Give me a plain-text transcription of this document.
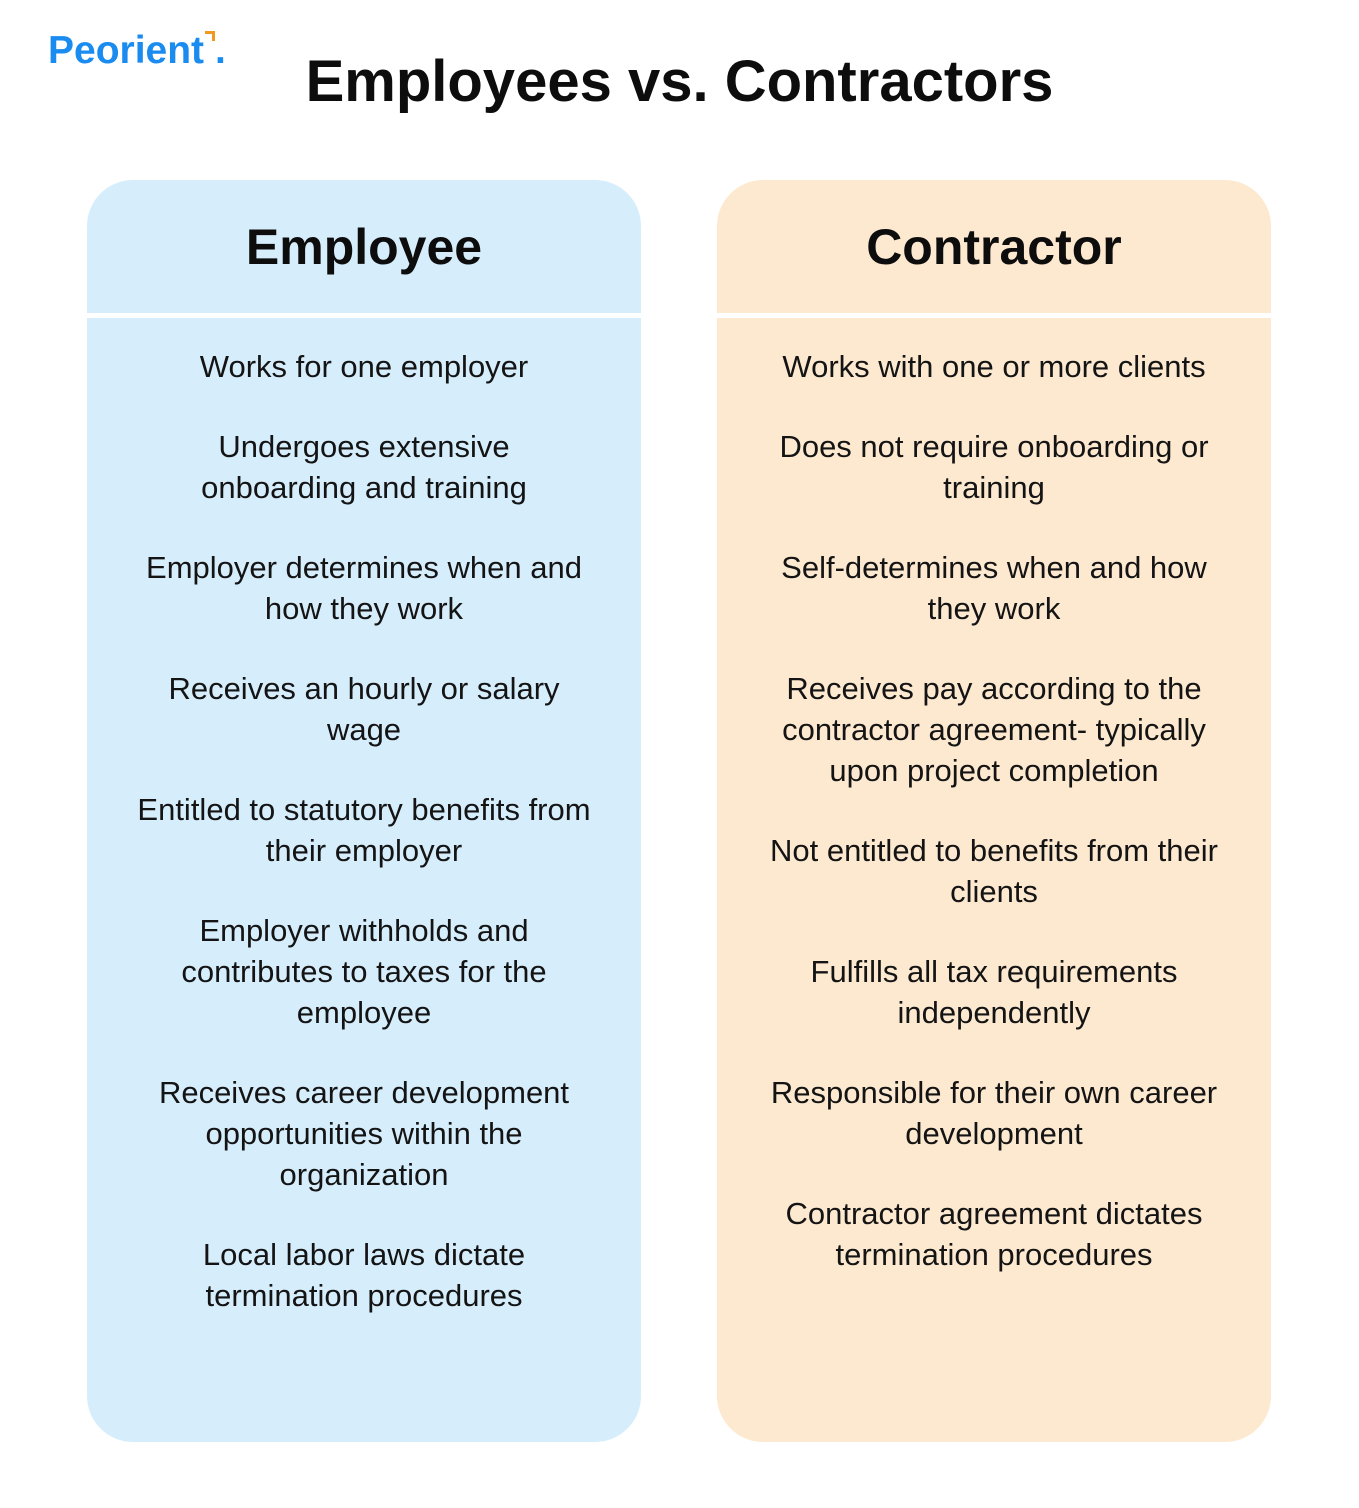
Peorient .	Employees vs. Contractors
Employee
Works for one employer
Undergoes extensive onboarding and training
Employer determines when and how they work
Receives an hourly or salary wage
Entitled to statutory benefits from their employer
Employer withholds and contributes to taxes for the employee
Receives career development opportunities within the organization
Local labor laws dictate termination procedures
Contractor
Works with one or more clients
Does not require onboarding or training
Self-determines when and how they work
Receives pay according to the contractor agreement- typically upon project completion
Not entitled to benefits from their clients
Fulfills all tax requirements independently
Responsible for their own career development
Contractor agreement dictates termination procedures
